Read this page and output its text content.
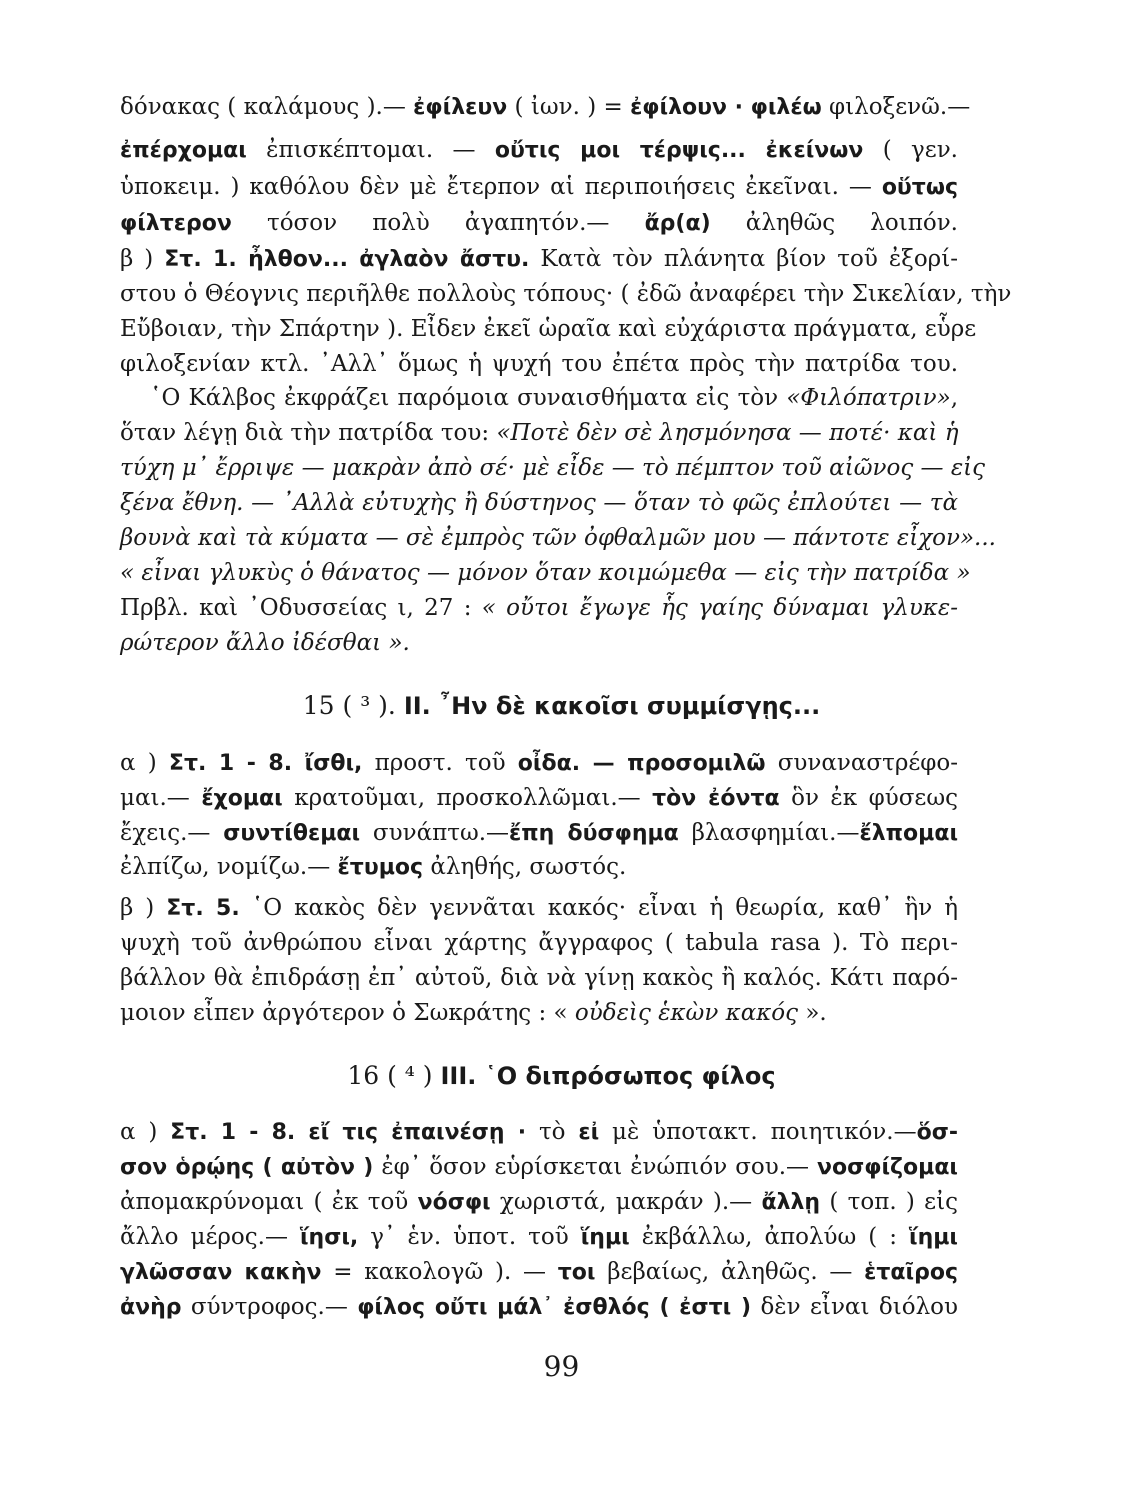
δόνακας ( καλάμους ).— ἐφίλευν ( ἰων. ) = ἐφίλουν · φιλέω φιλοξενῶ.—
ἐπέρχομαι ἐπισκέπτομαι. — οὔτις μοι τέρψις... ἐκείνων ( γεν.
ὑποκειμ. ) καθόλου δὲν μὲ ἔτερπον αἱ περιποιήσεις ἐκεῖναι. — οὕτως
φίλτερον τόσον πολὺ ἀγαπητόν.— ἄρ(α) ἀληθῶς λοιπόν.
β ) Στ. 1. ἦλθον... ἀγλαὸν ἄστυ. Κατὰ τὸν πλάνητα βίον τοῦ ἐξορί-
στου ὁ Θέογνις περιῆλθε πολλοὺς τόπους· ( ἐδῶ ἀναφέρει τὴν Σικελίαν, τὴν
Εὔβοιαν, τὴν Σπάρτην ). Εἶδεν ἐκεῖ ὡραῖα καὶ εὐχάριστα πράγματα, εὗρε
φιλοξενίαν κτλ. ᾽Αλλ᾽ ὅμως ἡ ψυχή του ἐπέτα πρὸς τὴν πατρίδα του.
῾Ο Κάλβος ἐκφράζει παρόμοια συναισθήματα εἰς τὸν «Φιλόπατριν»,
ὅταν λέγῃ διὰ τὴν πατρίδα του: «Ποτὲ δὲν σὲ λησμόνησα — ποτέ· καὶ ἡ
τύχη μ᾽ ἔρριψε — μακρὰν ἀπὸ σέ· μὲ εἶδε — τὸ πέμπτον τοῦ αἰῶνος — εἰς
ξένα ἔθνη. — ᾽Αλλὰ εὐτυχὴς ἢ δύστηνος — ὅταν τὸ φῶς ἐπλούτει — τὰ
βουνὰ καὶ τὰ κύματα — σὲ ἐμπρὸς τῶν ὀφθαλμῶν μου — πάντοτε εἶχον»...
« εἶναι γλυκὺς ὁ θάνατος — μόνον ὅταν κοιμώμεθα — εἰς τὴν πατρίδα »
Πρβλ. καὶ ᾽Οδυσσείας ι, 27 : « οὔτοι ἔγωγε ἧς γαίης δύναμαι γλυκε-
ρώτερον ἄλλο ἰδέσθαι ».
15 ( ³ ). ΙΙ. ῏Ην δὲ κακοῖσι συμμίσγῃς...
α ) Στ. 1 - 8. ἴσθι, προστ. τοῦ οἶδα. — προσομιλῶ συναναστρέφο-
μαι.— ἔχομαι κρατοῦμαι, προσκολλῶμαι.— τὸν ἐόντα ὃν ἐκ φύσεως
ἔχεις.— συντίθεμαι συνάπτω.—ἔπη δύσφημα βλασφημίαι.—ἔλπομαι
ἐλπίζω, νομίζω.— ἔτυμος ἀληθής, σωστός.
β ) Στ. 5. ῾Ο κακὸς δὲν γεννᾶται κακός· εἶναι ἡ θεωρία, καθ᾽ ἣν ἡ
ψυχὴ τοῦ ἀνθρώπου εἶναι χάρτης ἄγγραφος ( tabula rasa ). Τὸ περι-
βάλλον θὰ ἐπιδράσῃ ἐπ᾽ αὐτοῦ, διὰ νὰ γίνῃ κακὸς ἢ καλός. Κάτι παρό-
μοιον εἶπεν ἀργότερον ὁ Σωκράτης : « οὐδεὶς ἑκὼν κακός ».
16 ( ⁴ ) ΙΙΙ. ῾Ο διπρόσωπος φίλος
α ) Στ. 1 - 8. εἴ τις ἐπαινέσῃ · τὸ εἰ μὲ ὑποτακτ. ποιητικόν.—ὅσ-
σον ὁρῴης ( αὐτὸν ) ἐφ᾽ ὅσον εὑρίσκεται ἐνώπιόν σου.— νοσφίζομαι
ἀπομακρύνομαι ( ἐκ τοῦ νόσφι χωριστά, μακράν ).— ἄλλῃ ( τοπ. ) εἰς
ἄλλο μέρος.— ἵησι, γ᾽ ἑν. ὑποτ. τοῦ ἵημι ἐκβάλλω, ἀπολύω ( : ἵημι
γλῶσσαν κακὴν = κακολογῶ ). — τοι βεβαίως, ἀληθῶς. — ἑταῖρος
ἀνὴρ σύντροφος.— φίλος οὔτι μάλ᾽ ἐσθλός ( ἐστι ) δὲν εἶναι διόλου
99
